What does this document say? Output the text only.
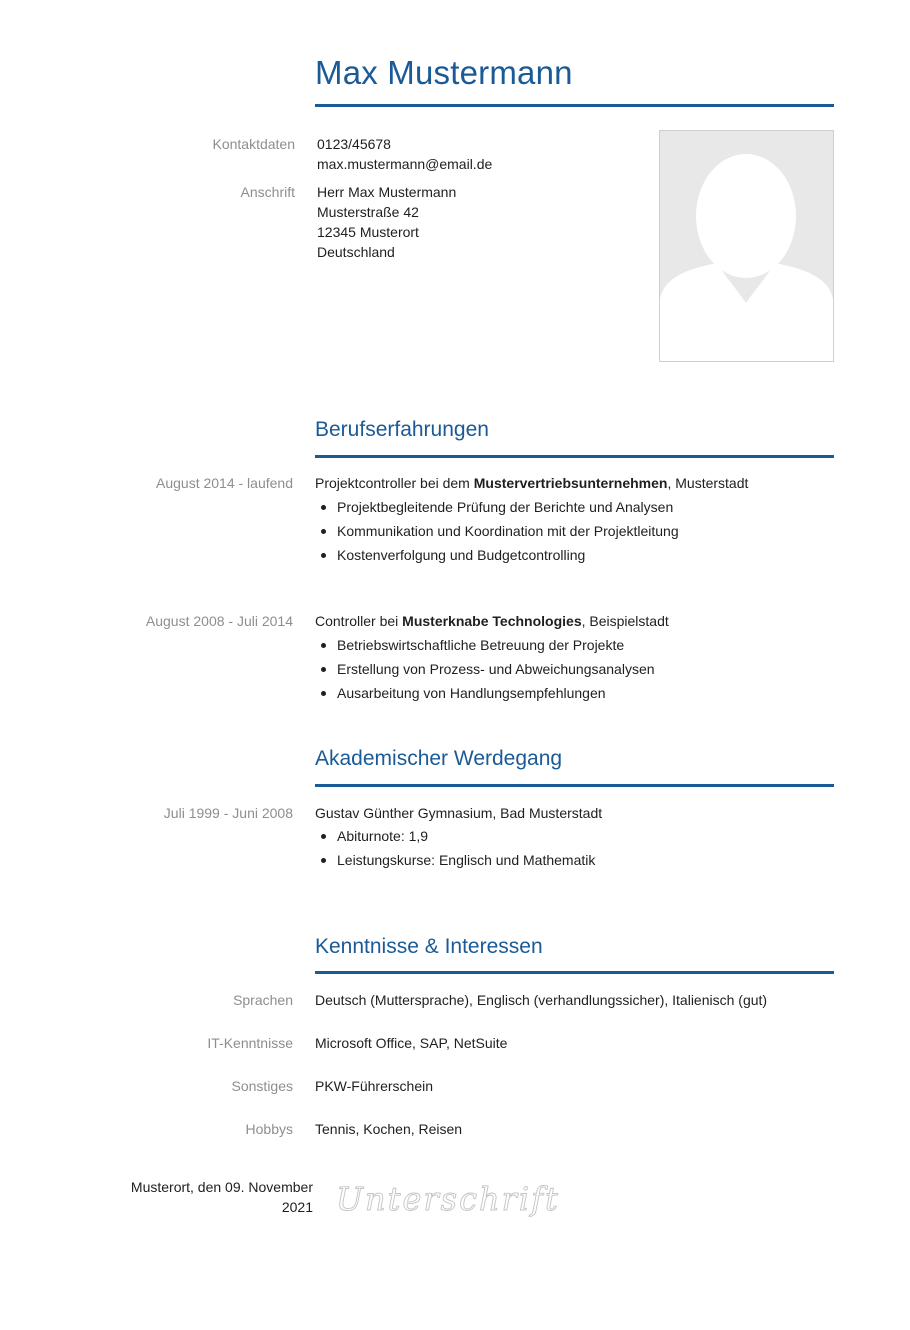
Max Mustermann
Kontaktdaten 0123/45678
max.mustermann@email.de
Anschrift Herr Max Mustermann
Musterstraße 42
12345 Musterort
Deutschland
Berufserfahrungen
August 2014 - laufend Projektcontroller bei dem Mustervertriebsunternehmen, Musterstadt
Projektbegleitende Prüfung der Berichte und Analysen
Kommunikation und Koordination mit der Projektleitung
Kostenverfolgung und Budgetcontrolling
August 2008 - Juli 2014 Controller bei Musterknabe Technologies, Beispielstadt
Betriebswirtschaftliche Betreuung der Projekte
Erstellung von Prozess- und Abweichungsanalysen
Ausarbeitung von Handlungsempfehlungen
Akademischer Werdegang
Juli 1999 - Juni 2008 Gustav Günther Gymnasium, Bad Musterstadt
Abiturnote: 1,9
Leistungskurse: Englisch und Mathematik
Kenntnisse & Interessen
Sprachen Deutsch (Muttersprache), Englisch (verhandlungssicher), Italienisch (gut)
IT-Kenntnisse Microsoft Office, SAP, NetSuite
Sonstiges PKW-Führerschein
Hobbys Tennis, Kochen, Reisen
Musterort, den 09. November 2021 Unterschrift
